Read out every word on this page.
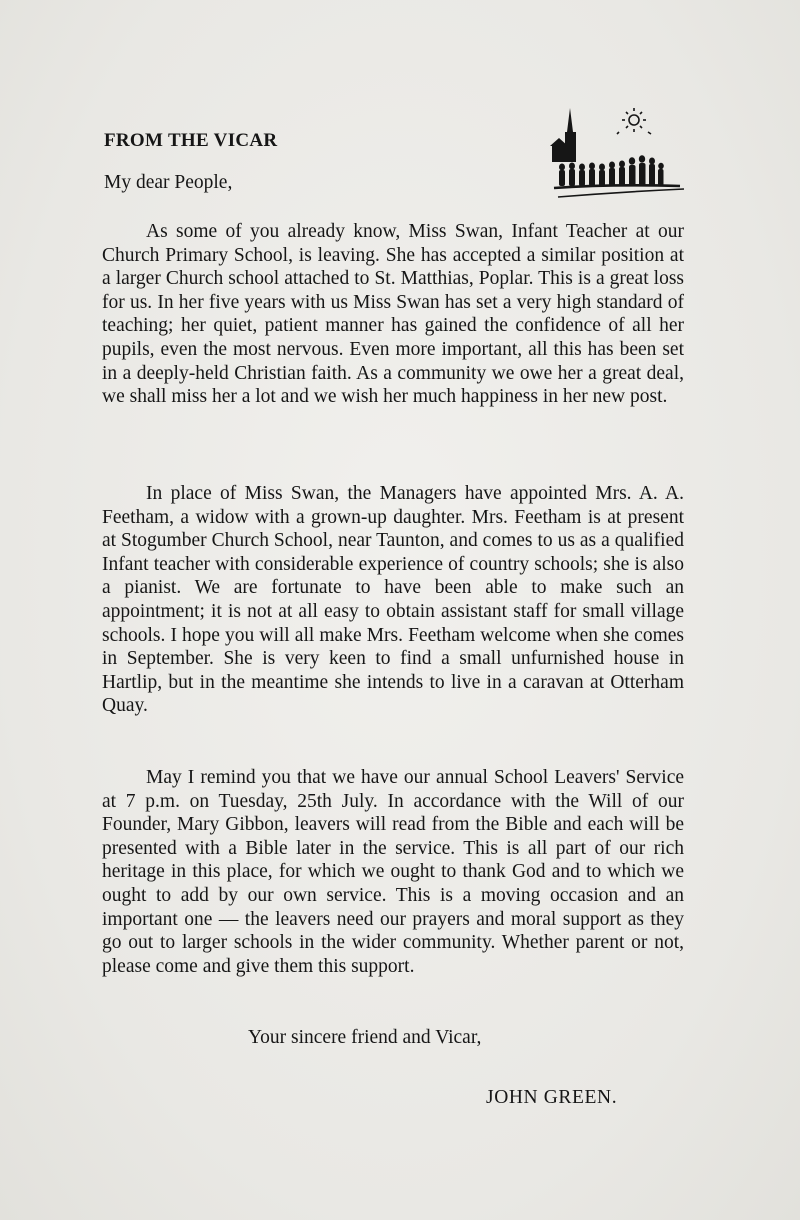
FROM THE VICAR

My dear People,

As some of you already know, Miss Swan, Infant Teacher at our Church Primary School, is leaving. She has accepted a similar position at a larger Church school attached to St. Matthias, Poplar. This is a great loss for us. In her five years with us Miss Swan has set a very high standard of teaching; her quiet, patient manner has gained the confidence of all her pupils, even the most nervous. Even more important, all this has been set in a deeply-held Christian faith. As a community we owe her a great deal, we shall miss her a lot and we wish her much happiness in her new post.

In place of Miss Swan, the Managers have appointed Mrs. A. A. Feetham, a widow with a grown-up daughter. Mrs. Feetham is at present at Stogumber Church School, near Taunton, and comes to us as a qualified Infant teacher with considerable experience of country schools; she is also a pianist. We are fortunate to have been able to make such an appointment; it is not at all easy to obtain assistant staff for small village schools. I hope you will all make Mrs. Feetham welcome when she comes in September. She is very keen to find a small unfurnished house in Hartlip, but in the meantime she intends to live in a caravan at Otterham Quay.

May I remind you that we have our annual School Leavers' Service at 7 p.m. on Tuesday, 25th July. In accordance with the Will of our Founder, Mary Gibbon, leavers will read from the Bible and each will be presented with a Bible later in the service. This is all part of our rich heritage in this place, for which we ought to thank God and to which we ought to add by our own service. This is a moving occasion and an important one — the leavers need our prayers and moral support as they go out to larger schools in the wider community. Whether parent or not, please come and give them this support.

Your sincere friend and Vicar,

JOHN GREEN.
